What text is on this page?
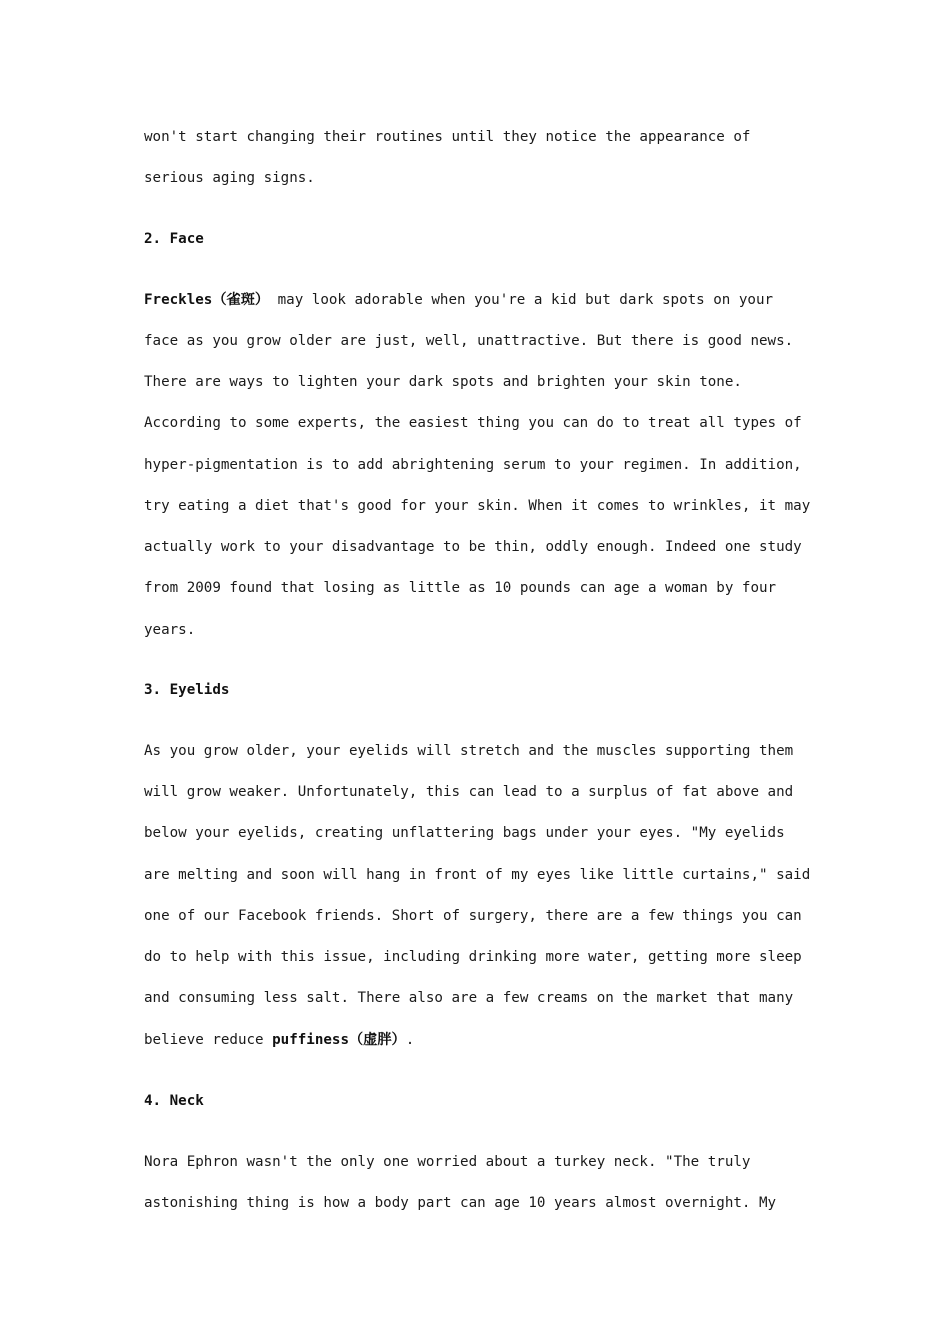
won't start changing their routines until they notice the appearance of
serious aging signs.
2. Face
Freckles（雀斑） may look adorable when you're a kid but dark spots on your
face as you grow older are just, well, unattractive. But there is good news.
There are ways to lighten your dark spots and brighten your skin tone.
According to some experts, the easiest thing you can do to treat all types of
hyper-pigmentation is to add abrightening serum to your regimen. In addition,
try eating a diet that's good for your skin. When it comes to wrinkles, it may
actually work to your disadvantage to be thin, oddly enough. Indeed one study
from 2009 found that losing as little as 10 pounds can age a woman by four
years.
3. Eyelids
As you grow older, your eyelids will stretch and the muscles supporting them
will grow weaker. Unfortunately, this can lead to a surplus of fat above and
below your eyelids, creating unflattering bags under your eyes. "My eyelids
are melting and soon will hang in front of my eyes like little curtains," said
one of our Facebook friends. Short of surgery, there are a few things you can
do to help with this issue, including drinking more water, getting more sleep
and consuming less salt. There also are a few creams on the market that many
believe reduce puffiness（虚胖）.
4. Neck
Nora Ephron wasn't the only one worried about a turkey neck. "The truly
astonishing thing is how a body part can age 10 years almost overnight. My
